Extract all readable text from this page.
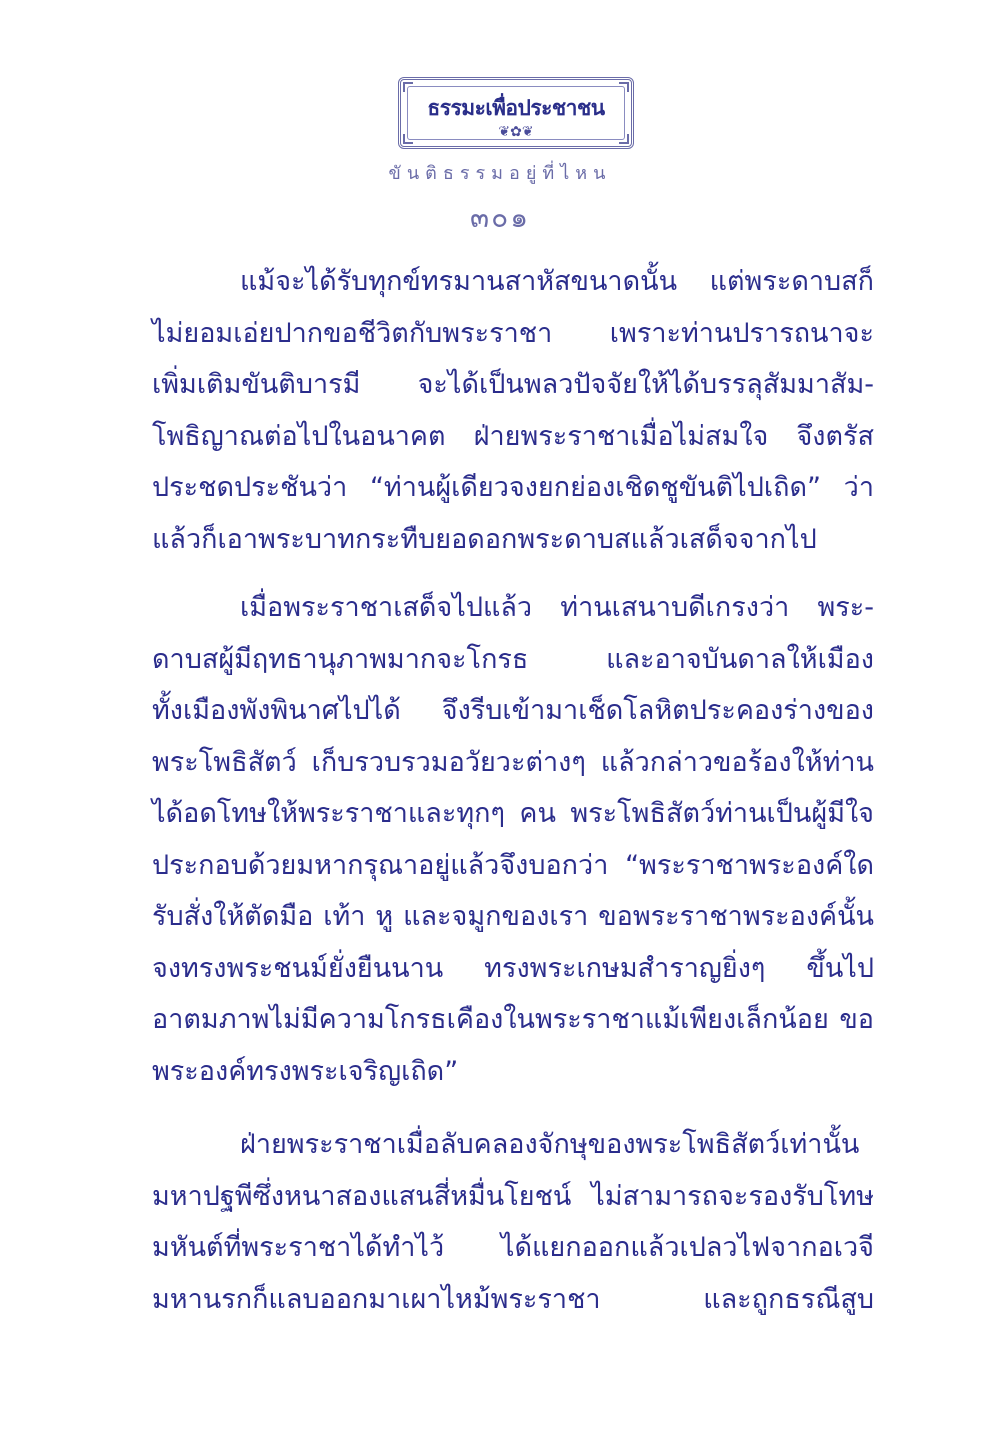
ธรรมะเพื่อประชาชน
❦✿❦
ขันติธรรมอยู่ที่ไหน
๓๐๑
แม้จะได้รับทุกข์ทรมานสาหัสขนาดนั้น แต่พระดาบสก็
ไม่ยอมเอ่ยปากขอชีวิตกับพระราชา เพราะท่านปรารถนาจะ
เพิ่มเติมขันติบารมี จะได้เป็นพลวปัจจัยให้ได้บรรลุสัมมาสัม-
โพธิญาณต่อไปในอนาคต ฝ่ายพระราชาเมื่อไม่สมใจ จึงตรัส
ประชดประชันว่า “ท่านผู้เดียวจงยกย่องเชิดชูขันติไปเถิด” ว่า
แล้วก็เอาพระบาทกระทืบยอดอกพระดาบสแล้วเสด็จจากไป
เมื่อพระราชาเสด็จไปแล้ว ท่านเสนาบดีเกรงว่า พระ-
ดาบสผู้มีฤทธานุภาพมากจะโกรธ และอาจบันดาลให้เมือง
ทั้งเมืองพังพินาศไปได้ จึงรีบเข้ามาเช็ดโลหิตประคองร่างของ
พระโพธิสัตว์ เก็บรวบรวมอวัยวะต่างๆ แล้วกล่าวขอร้องให้ท่าน
ได้อดโทษให้พระราชาและทุกๆ คน พระโพธิสัตว์ท่านเป็นผู้มีใจ
ประกอบด้วยมหากรุณาอยู่แล้วจึงบอกว่า “พระราชาพระองค์ใด
รับสั่งให้ตัดมือ เท้า หู และจมูกของเรา ขอพระราชาพระองค์นั้น
จงทรงพระชนม์ยั่งยืนนาน ทรงพระเกษมสำราญยิ่งๆ ขึ้นไป
อาตมภาพไม่มีความโกรธเคืองในพระราชาแม้เพียงเล็กน้อย ขอ
พระองค์ทรงพระเจริญเถิด”
ฝ่ายพระราชาเมื่อลับคลองจักษุของพระโพธิสัตว์เท่านั้น
มหาปฐพีซึ่งหนาสองแสนสี่หมื่นโยชน์ ไม่สามารถจะรองรับโทษ
มหันต์ที่พระราชาได้ทำไว้ ได้แยกออกแล้วเปลวไฟจากอเวจี
มหานรกก็แลบออกมาเผาไหม้พระราชา และถูกธรณีสูบ
